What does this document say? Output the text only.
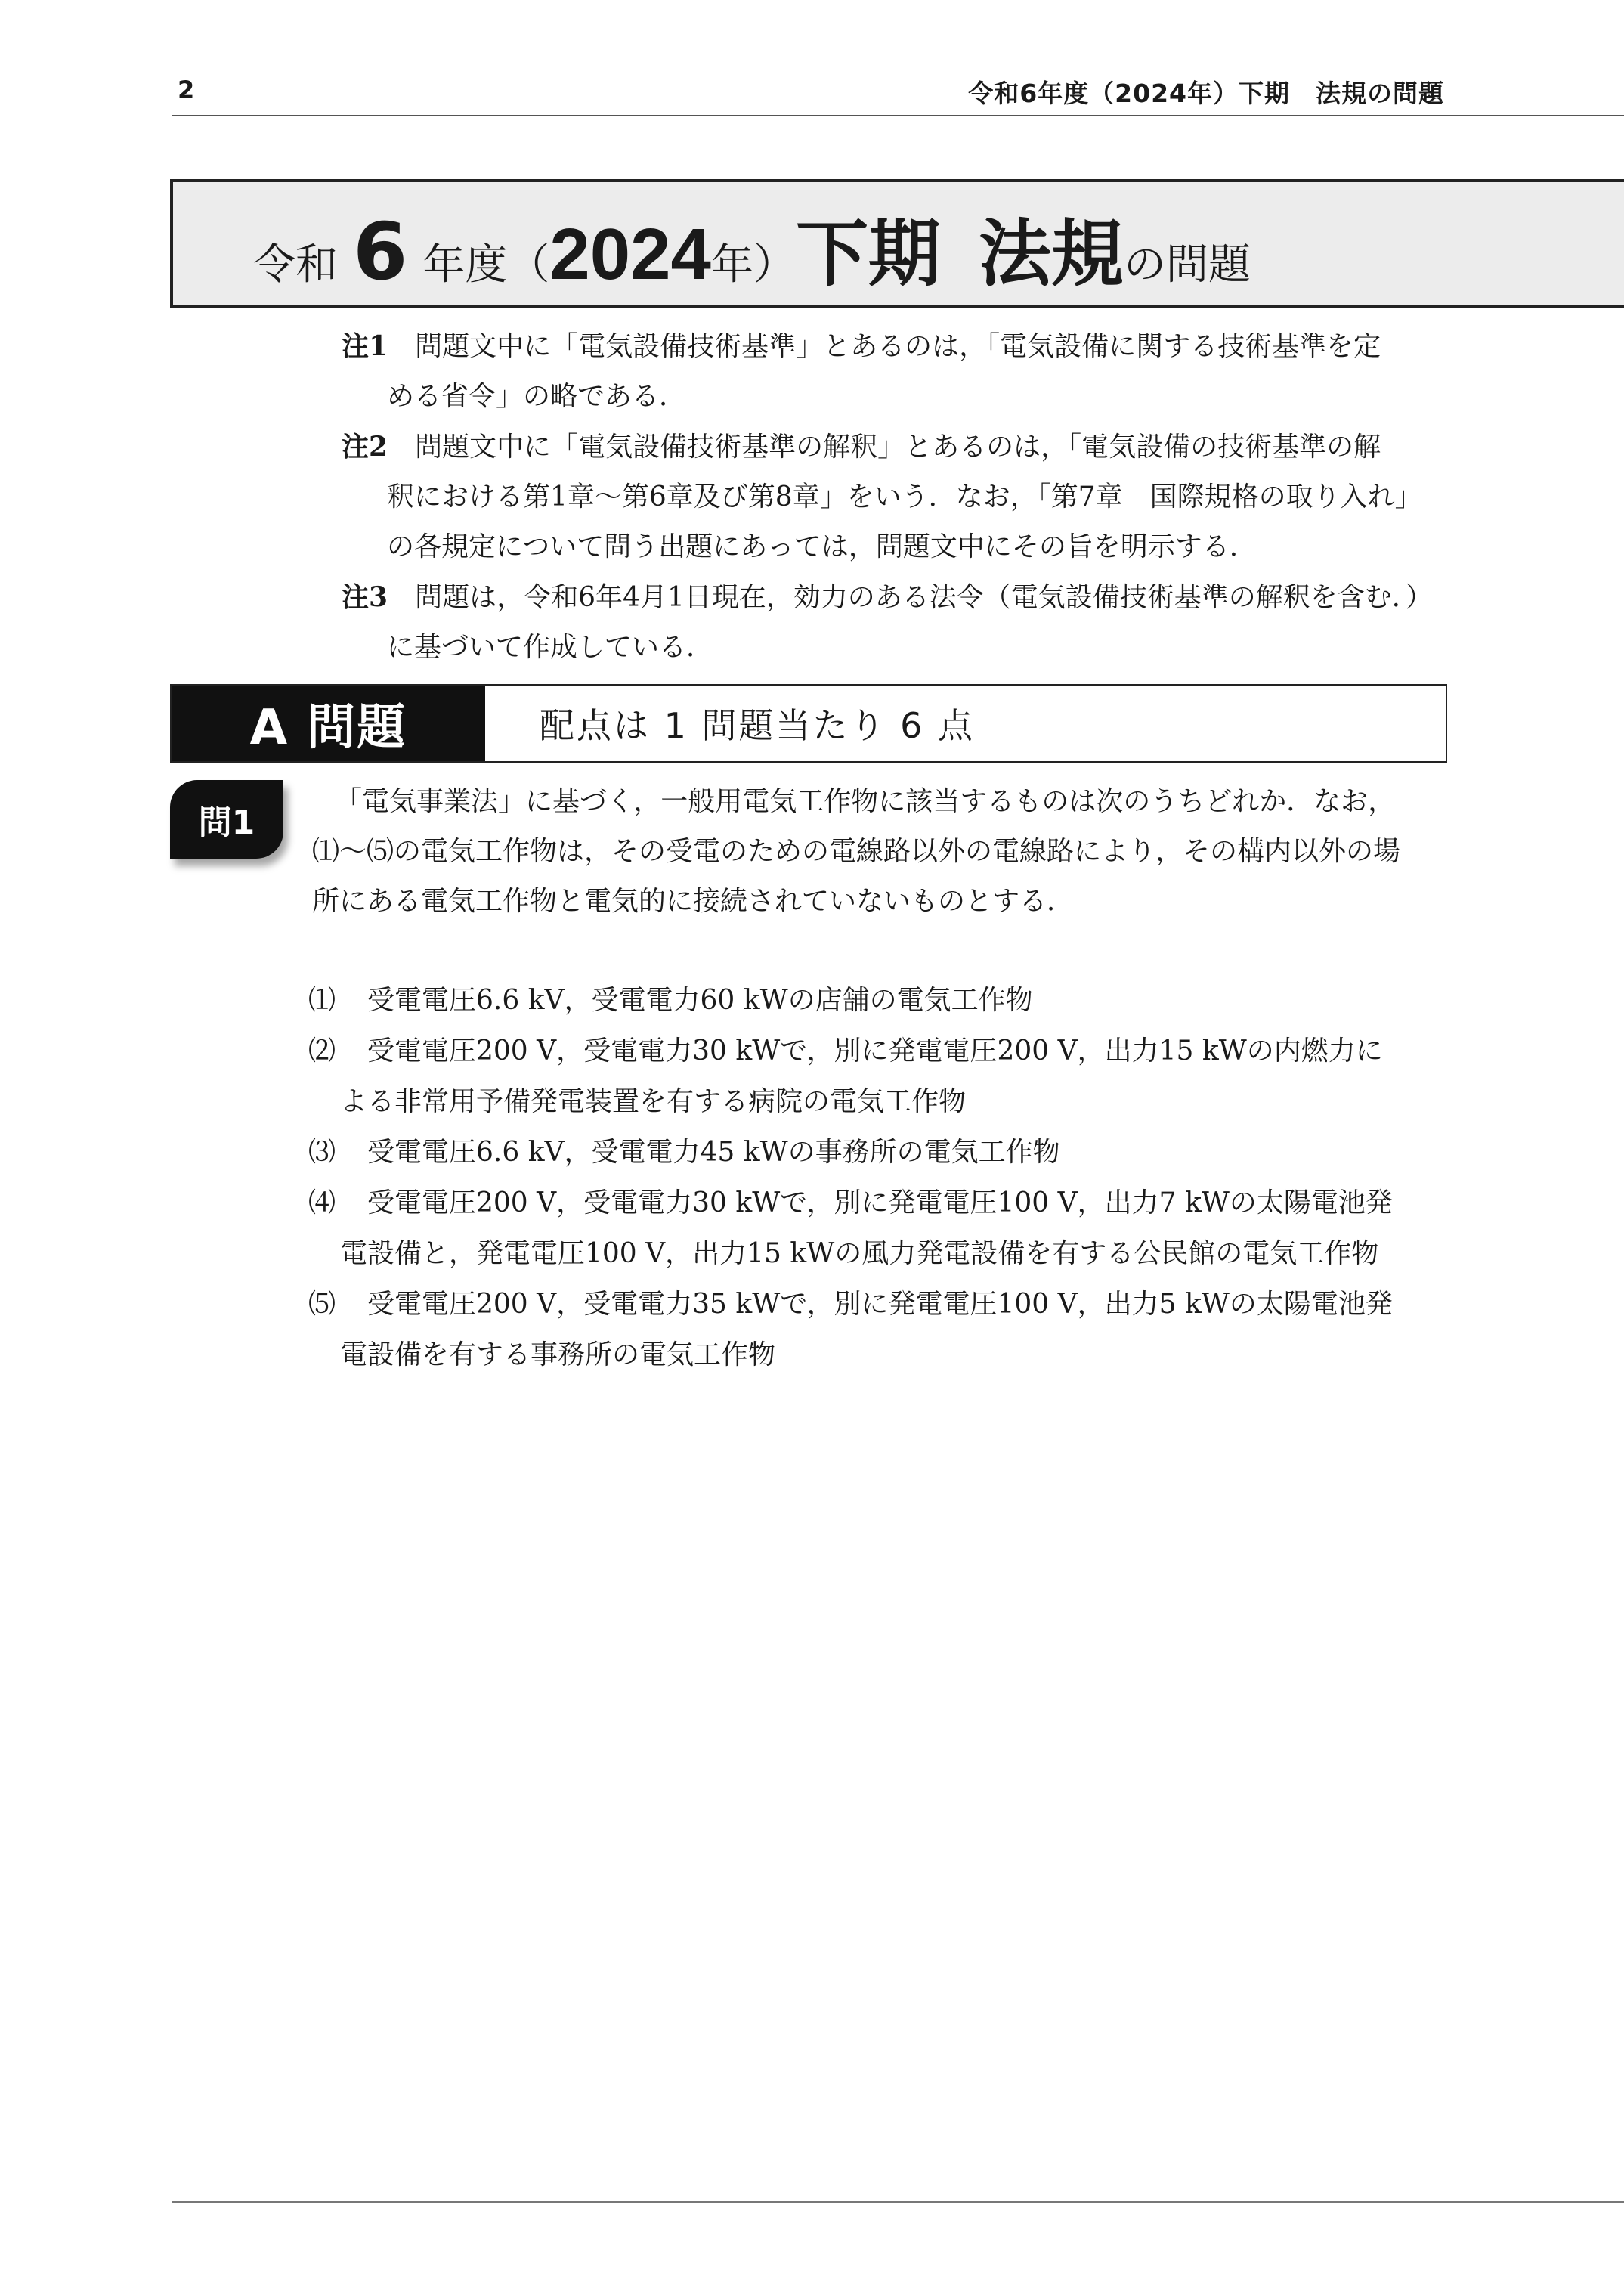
2	令和6年度（2024年）下期　法規の問題
令和 6 年度（ 2024 年） 下期 法規 の問題
注1　問題文中に「電気設備技術基準」とあるのは，「電気設備に関する技術基準を定
める省令」の略である．
注2　問題文中に「電気設備技術基準の解釈」とあるのは，「電気設備の技術基準の解
釈における第1章～第6章及び第8章」をいう．なお，「第7章　国際規格の取り入れ」
の各規定について問う出題にあっては，問題文中にその旨を明示する．
注3　問題は，令和6年4月1日現在，効力のある法令（電気設備技術基準の解釈を含む．）
に基づいて作成している．
A 問題	配点は 1 問題当たり 6 点
問1
「電気事業法」に基づく，一般用電気工作物に該当するものは次のうちどれか．なお，
⑴～⑸の電気工作物は，その受電のための電線路以外の電線路により，その構内以外の場
所にある電気工作物と電気的に接続されていないものとする．
⑴ 受電電圧6.6 kV，受電電力60 kWの店舗の電気工作物
⑵ 受電電圧200 V，受電電力30 kWで，別に発電電圧200 V，出力15 kWの内燃力に
よる非常用予備発電装置を有する病院の電気工作物
⑶ 受電電圧6.6 kV，受電電力45 kWの事務所の電気工作物
⑷ 受電電圧200 V，受電電力30 kWで，別に発電電圧100 V，出力7 kWの太陽電池発
電設備と，発電電圧100 V，出力15 kWの風力発電設備を有する公民館の電気工作物
⑸ 受電電圧200 V，受電電力35 kWで，別に発電電圧100 V，出力5 kWの太陽電池発
電設備を有する事務所の電気工作物
